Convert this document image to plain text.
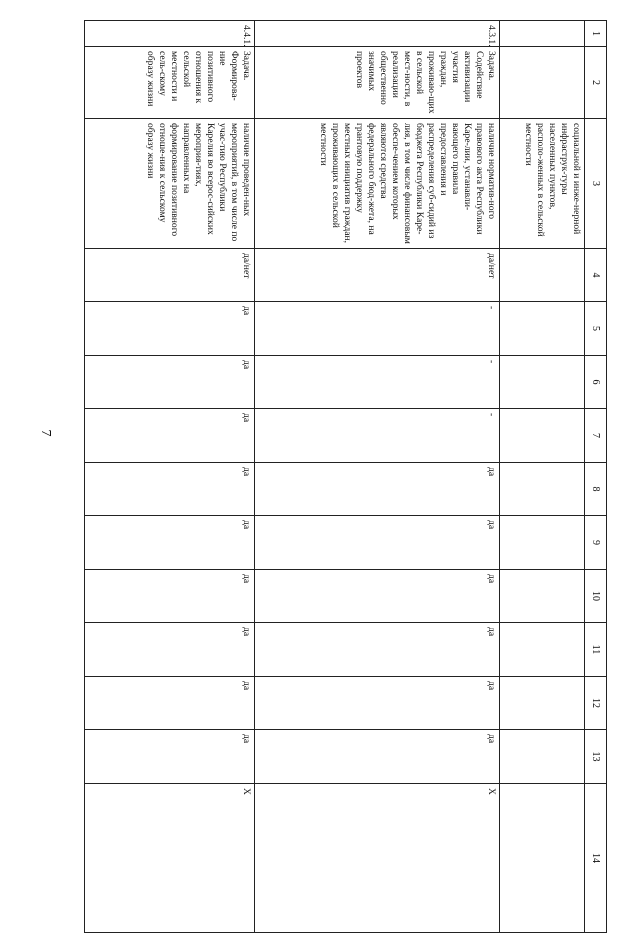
7
1	2	3	4	5	6	7	8	9	10	11	12	13	14
		социальной и инже-нерной инфраструк-туры населенных пунктов, располо-женных в сельской местности											
4.3.1.	Задача. Содействие активизации участия граждан, проживаю-щих в сельской мест-ности, в реализации общественно значимых проектов	наличие норматив-ного правового акта Республики Каре-лии, устанавли-вающего правила предоставления и распределения суб-сидий из бюджета Республики Каре-лия, в том числе финансовым обеспе-чением которых являются средства федерального бюд-жета, на грантовую поддержку местных инициатив граждан, проживающих в сельской местности	да/нет	-	-	-	да	да	да	да	да	да	Х
4.4.1.	Задача. Формирова-ние позитивного отношения к сельской местности и сель-скому образу жизни	наличие проведен-ных мероприятий, в том числе по учас-тию Республики Карелия во всерос-сийских мероприя-тиях, направленных на формирование позитивного отноше-ния к сельскому образу жизни	да/нет	да	да	да	да	да	да	да	да	да	Х
